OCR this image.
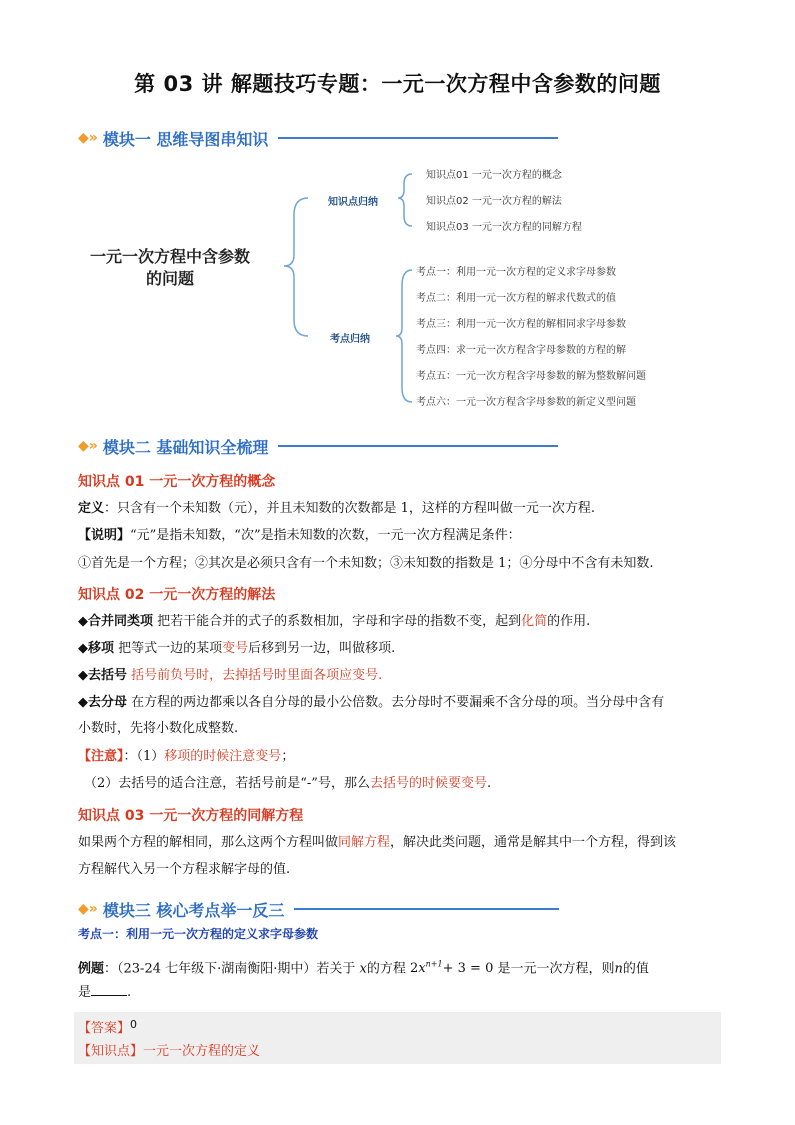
第 03 讲 解题技巧专题：一元一次方程中含参数的问题
◆» 模块一 思维导图串知识
一元一次方程中含参数
的问题
知识点归纳
考点归纳
知识点01 一元一次方程的概念
知识点02 一元一次方程的解法
知识点03 一元一次方程的同解方程
考点一：利用一元一次方程的定义求字母参数
考点二：利用一元一次方程的解求代数式的值
考点三：利用一元一次方程的解相同求字母参数
考点四：求一元一次方程含字母参数的方程的解
考点五：一元一次方程含字母参数的解为整数解问题
考点六：一元一次方程含字母参数的新定义型问题
◆» 模块二 基础知识全梳理
知识点 01 一元一次方程的概念
定义：只含有一个未知数（元），并且未知数的次数都是 1，这样的方程叫做一元一次方程.
【说明】“元”是指未知数，“次”是指未知数的次数，一元一次方程满足条件：
①首先是一个方程；②其次是必须只含有一个未知数；③未知数的指数是 1；④分母中不含有未知数.
知识点 02 一元一次方程的解法
◆合并同类项 把若干能合并的式子的系数相加，字母和字母的指数不变，起到化简的作用.
◆移项 把等式一边的某项变号后移到另一边，叫做移项.
◆去括号 括号前负号时，去掉括号时里面各项应变号.
◆去分母 在方程的两边都乘以各自分母的最小公倍数。去分母时不要漏乘不含分母的项。当分母中含有
小数时，先将小数化成整数.
【注意】：（1）移项的时候注意变号；
（2）去括号的适合注意，若括号前是“-”号，那么去括号的时候要变号.
知识点 03 一元一次方程的同解方程
如果两个方程的解相同，那么这两个方程叫做同解方程，解决此类问题，通常是解其中一个方程，得到该
方程解代入另一个方程求解字母的值.
◆» 模块三 核心考点举一反三
考点一：利用一元一次方程的定义求字母参数
例题：（23-24 七年级下·湖南衡阳·期中）若关于 x的方程 $2x^{n+1}+ 3 = 0$ 是一元一次方程，则n的值
是	.
【答案】$^0$
【知识点】一元一次方程的定义
